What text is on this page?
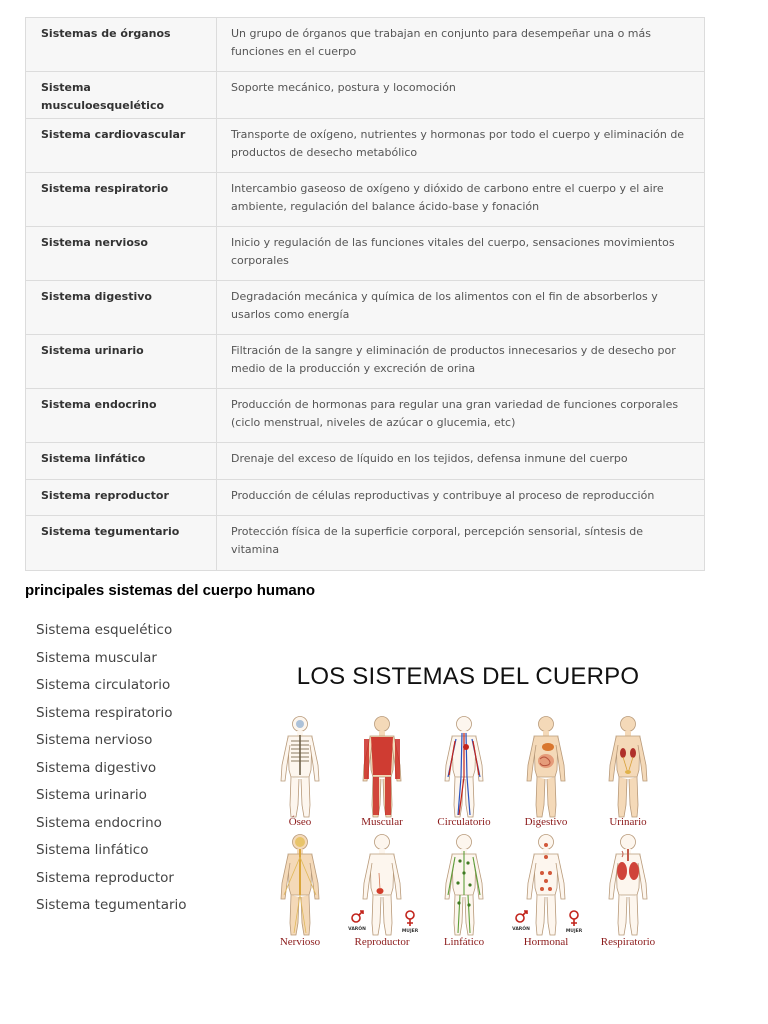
Sistemas de órganos	Un grupo de órganos que trabajan en conjunto para desempeñar una o más funciones en el cuerpo
Sistema musculoesquelético	Soporte mecánico, postura y locomoción
Sistema cardiovascular	Transporte de oxígeno, nutrientes y hormonas por todo el cuerpo y eliminación de productos de desecho metabólico
Sistema respiratorio	Intercambio gaseoso de oxígeno y dióxido de carbono entre el cuerpo y el aire ambiente, regulación del balance ácido-base y fonación
Sistema nervioso	Inicio y regulación de las funciones vitales del cuerpo, sensaciones movimientos corporales
Sistema digestivo	Degradación mecánica y química de los alimentos con el fin de absorberlos y usarlos como energía
Sistema urinario	Filtración de la sangre y eliminación de productos innecesarios y de desecho por medio de la producción y excreción de orina
Sistema endocrino	Producción de hormonas para regular una gran variedad de funciones corporales (ciclo menstrual, niveles de azúcar o glucemia, etc)
Sistema linfático	Drenaje del exceso de líquido en los tejidos, defensa inmune del cuerpo
Sistema reproductor	Producción de células reproductivas y contribuye al proceso de reproducción
Sistema tegumentario	Protección física de la superficie corporal, percepción sensorial, síntesis de vitamina
principales sistemas del cuerpo humano
Sistema esquelético
Sistema muscular
Sistema circulatorio
Sistema respiratorio
Sistema nervioso
Sistema digestivo
Sistema urinario
Sistema endocrino
Sistema linfático
Sistema reproductor
Sistema tegumentario
LOS SISTEMAS DEL CUERPO
Óseo	Muscular	Circulatorio	Digestivo	Urinario
Nervioso	Reproductor	Linfático	Hormonal	Respiratorio
VARÓN	MUJER	VARÓN	MUJER
